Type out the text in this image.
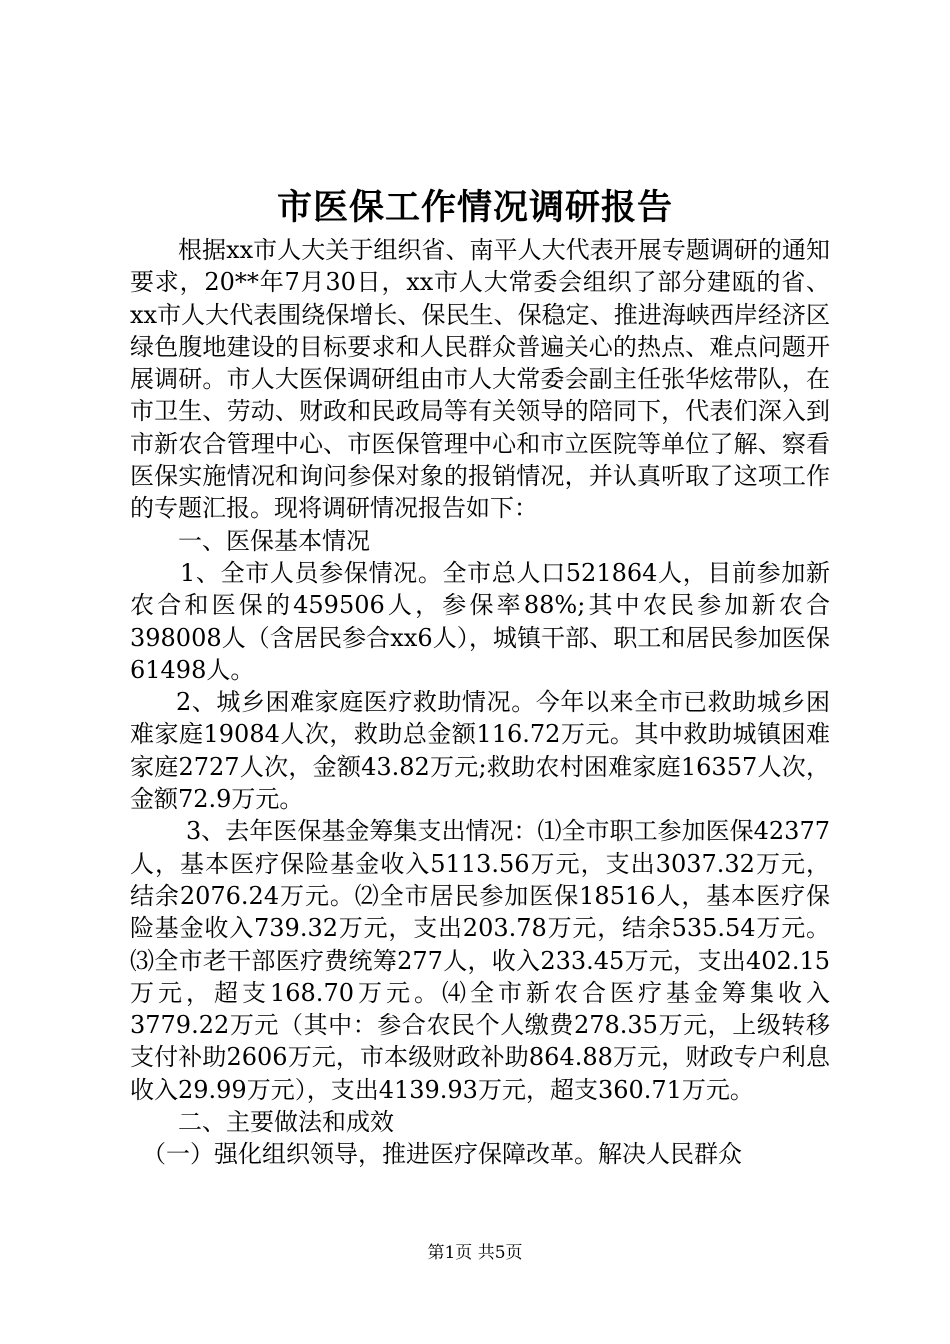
市医保工作情况调研报告

根据xx市人大关于组织省、南平人大代表开展专题调研的通知要求，20**年7月30日，xx市人大常委会组织了部分建瓯的省、xx市人大代表围绕保增长、保民生、保稳定、推进海峡西岸经济区绿色腹地建设的目标要求和人民群众普遍关心的热点、难点问题开展调研。市人大医保调研组由市人大常委会副主任张华炫带队，在市卫生、劳动、财政和民政局等有关领导的陪同下，代表们深入到市新农合管理中心、市医保管理中心和市立医院等单位了解、察看医保实施情况和询问参保对象的报销情况，并认真听取了这项工作的专题汇报。现将调研情况报告如下：

一、医保基本情况

1、全市人员参保情况。全市总人口521864人，目前参加新农合和医保的459506人，参保率88%;其中农民参加新农合398008人（含居民参合xx6人），城镇干部、职工和居民参加医保61498人。

2、城乡困难家庭医疗救助情况。今年以来全市已救助城乡困难家庭19084人次，救助总金额116.72万元。其中救助城镇困难家庭2727人次，金额43.82万元;救助农村困难家庭16357人次，金额72.9万元。

3、去年医保基金筹集支出情况：⑴全市职工参加医保42377人，基本医疗保险基金收入5113.56万元，支出3037.32万元，结余2076.24万元。⑵全市居民参加医保18516人，基本医疗保险基金收入739.32万元，支出203.78万元，结余535.54万元。⑶全市老干部医疗费统筹277人，收入233.45万元，支出402.15万元，超支168.70万元。⑷全市新农合医疗基金筹集收入3779.22万元（其中：参合农民个人缴费278.35万元，上级转移支付补助2606万元，市本级财政补助864.88万元，财政专户利息收入29.99万元），支出4139.93万元，超支360.71万元。

二、主要做法和成效

（一）强化组织领导，推进医疗保障改革。解决人民群众

第1页 共5页
